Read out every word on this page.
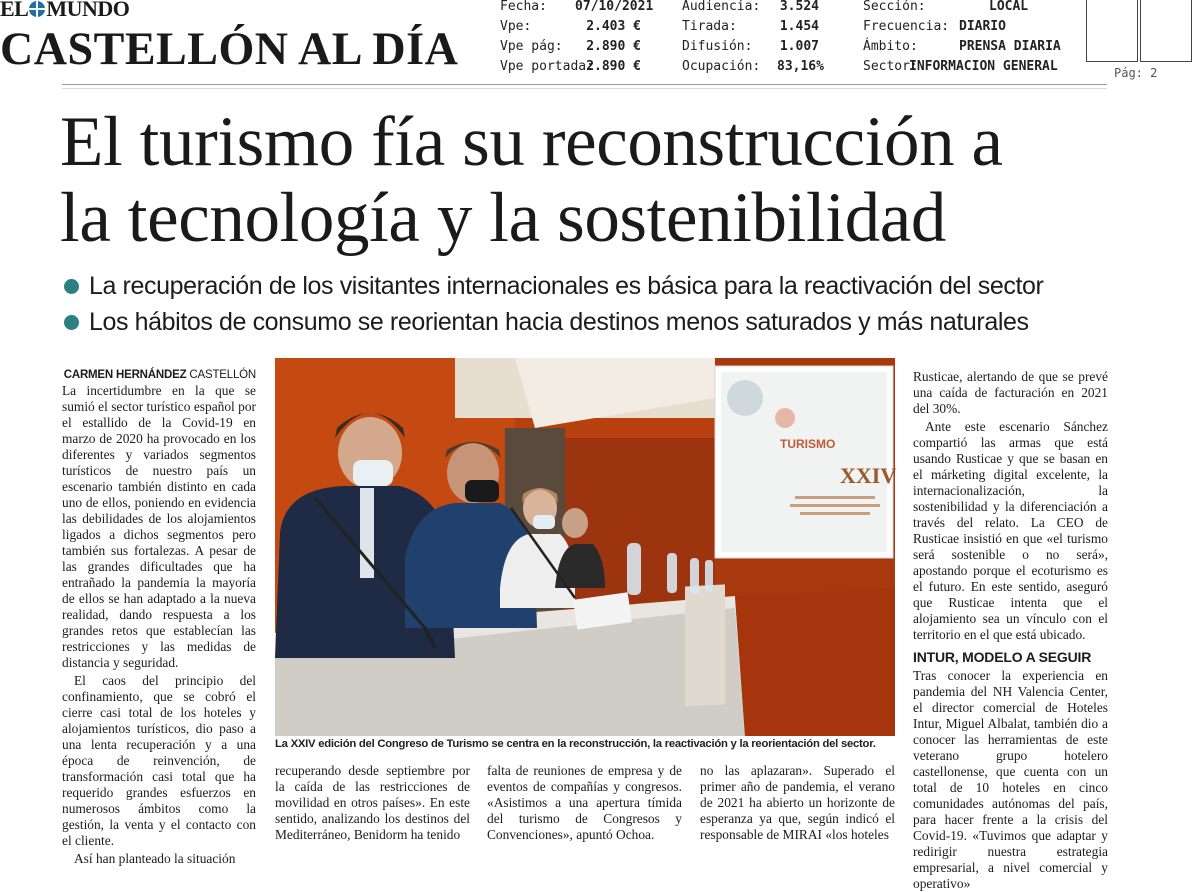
EL MUNDO
CASTELLÓN AL DÍA
Fecha:	07/10/2021
Vpe:	2.403 €
Vpe pág:	2.890 €
Vpe portada:
2.890 €
Audiencia:	3.524
Tirada:	1.454
Difusión:	1.007
Ocupación:	83,16%
Sección:	LOCAL
Frecuencia: DIARIO
Ámbito:	PRENSA DIARIA
Sector:
INFORMACION GENERAL	Pág: 2
El turismo fía su reconstrucción a
la tecnología y la sostenibilidad
La recuperación de los visitantes internacionales es básica para la reactivación del sector
Los hábitos de consumo se reorientan hacia destinos menos saturados y más naturales
CARMEN HERNÁNDEZ CASTELLÓN

La incertidumbre en la que se sumió el sector turístico español por el estallido de la Covid-19 en marzo de 2020 ha provocado en los diferentes y variados segmentos turísticos de nuestro país un escenario también distinto en cada uno de ellos, poniendo en evidencia las debilidades de los alojamientos ligados a dichos segmentos pero también sus fortalezas. A pesar de las grandes dificultades que ha entrañado la pandemia la mayoría de ellos se han adaptado a la nueva realidad, dando respuesta a los grandes retos que establecían las restricciones y las medidas de distancia y seguridad.

El caos del principio del confinamiento, que se cobró el cierre casi total de los hoteles y alojamientos turísticos, dio paso a una lenta recuperación y a una época de reinvención, de transformación casi total que ha requerido grandes esfuerzos en numerosos ámbitos como la gestión, la venta y el contacto con el cliente.

Así han planteado la situación

TURISMO
XXIV
La XXIV edición del Congreso de Turismo se centra en la reconstrucción, la reactivación y la reorientación del sector.

recuperando desde septiembre por la caída de las restricciones de movilidad en otros países». En este sentido, analizando los destinos del Mediterráneo, Benidorm ha tenido

falta de reuniones de empresa y de eventos de compañías y congresos. «Asistimos a una apertura tímida del turismo de Congresos y Convenciones», apuntó Ochoa.

no las aplazaran». Superado el primer año de pandemia, el verano de 2021 ha abierto un horizonte de esperanza ya que, según indicó el responsable de MIRAI «los hoteles

Rusticae, alertando de que se prevé una caída de facturación en 2021 del 30%.

Ante este escenario Sánchez compartió las armas que está usando Rusticae y que se basan en el márketing digital excelente, la internacionalización, la sostenibilidad y la diferenciación a través del relato. La CEO de Rusticae insistió en que «el turismo será sostenible o no será», apostando porque el ecoturismo es el futuro. En este sentido, aseguró que Rusticae intenta que el alojamiento sea un vínculo con el territorio en el que está ubicado.

INTUR, MODELO A SEGUIR

Tras conocer la experiencia en pandemia del NH Valencia Center, el director comercial de Hoteles Intur, Miguel Albalat, también dio a conocer las herramientas de este veterano grupo hotelero castellonense, que cuenta con un total de 10 hoteles en cinco comunidades autónomas del país, para hacer frente a la crisis del Covid-19. «Tuvimos que adaptar y redirigir nuestra estrategia empresarial, a nivel comercial y operativo»
